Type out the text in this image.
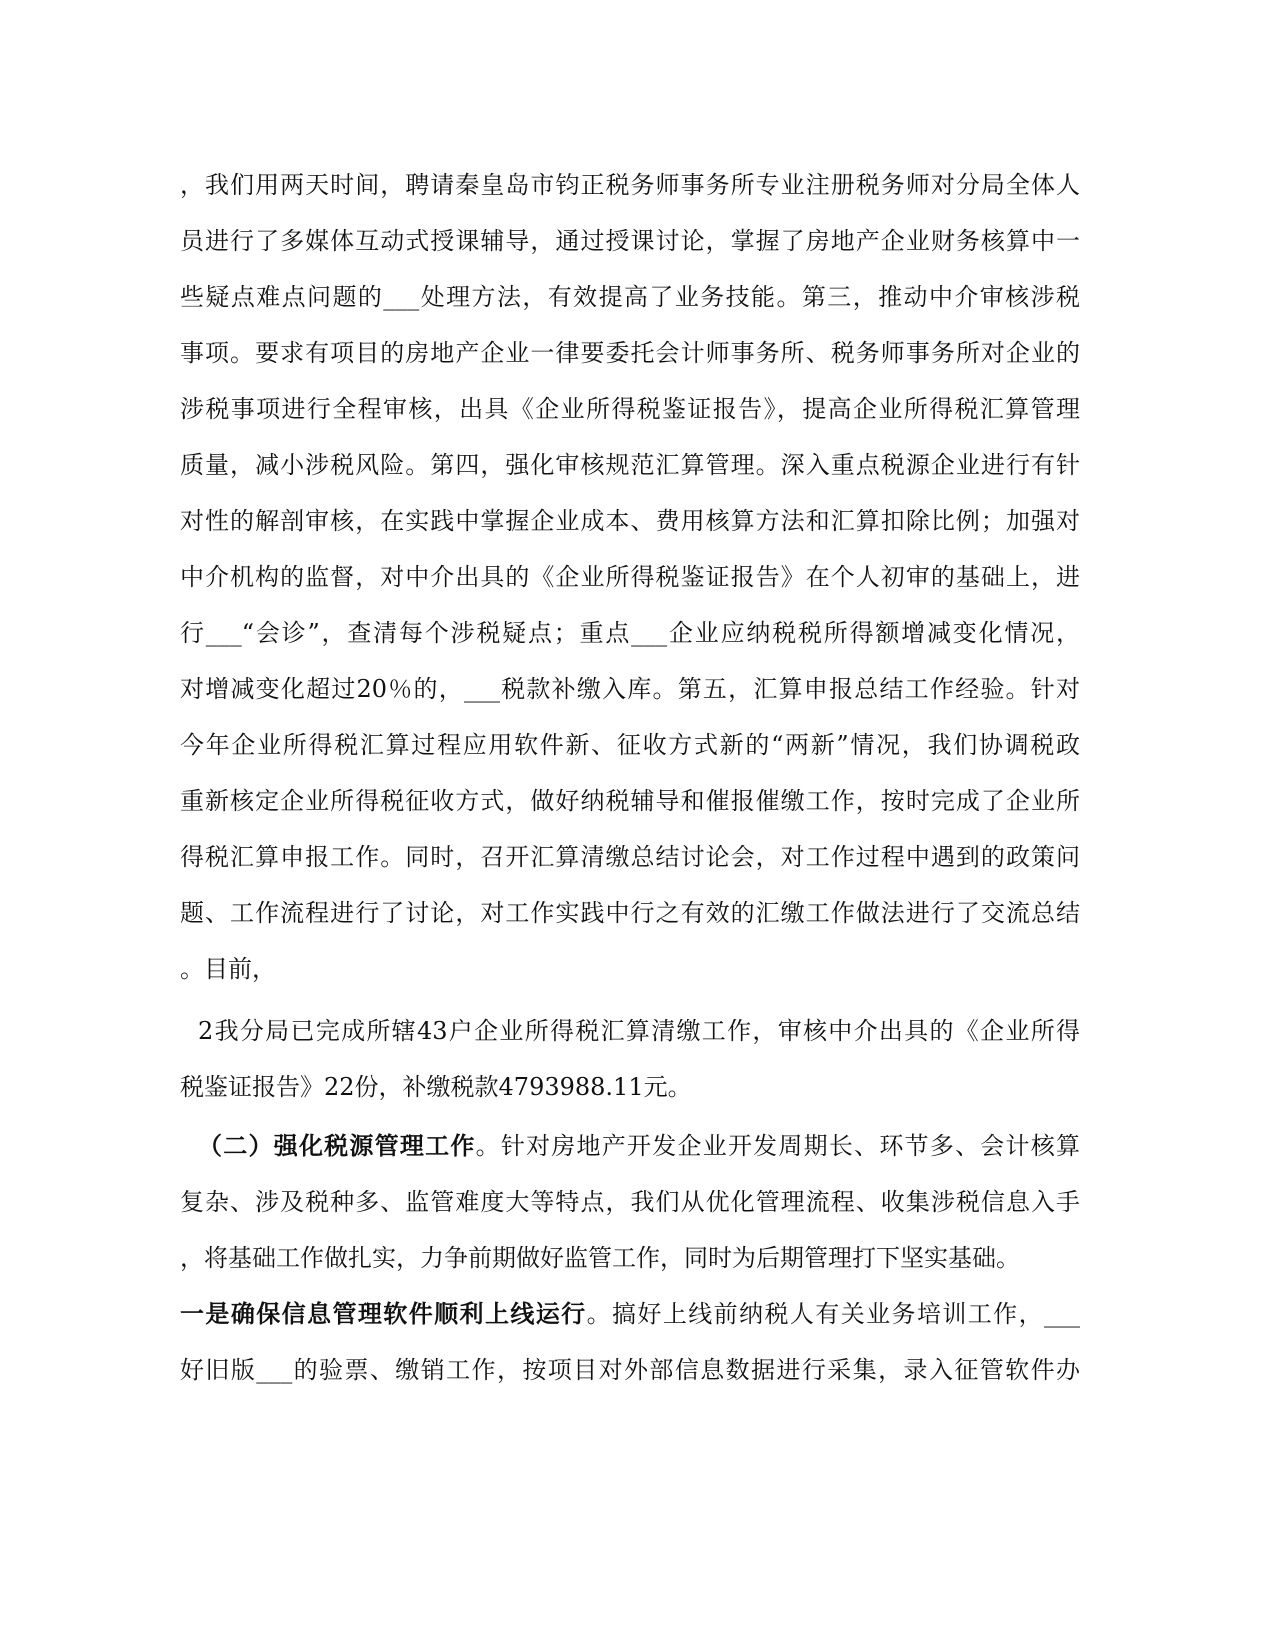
，我们用两天时间，聘请秦皇岛市钧正税务师事务所专业注册税务师对分局全体人
员进行了多媒体互动式授课辅导，通过授课讨论，掌握了房地产企业财务核算中一
些疑点难点问题的___处理方法，有效提高了业务技能。第三，推动中介审核涉税
事项。要求有项目的房地产企业一律要委托会计师事务所、税务师事务所对企业的
涉税事项进行全程审核，出具《企业所得税鉴证报告》，提高企业所得税汇算管理
质量，减小涉税风险。第四，强化审核规范汇算管理。深入重点税源企业进行有针
对性的解剖审核，在实践中掌握企业成本、费用核算方法和汇算扣除比例；加强对
中介机构的监督，对中介出具的《企业所得税鉴证报告》在个人初审的基础上，进
行___“会诊”，查清每个涉税疑点；重点___企业应纳税税所得额增减变化情况，
对增减变化超过20％的，___税款补缴入库。第五，汇算申报总结工作经验。针对
今年企业所得税汇算过程应用软件新、征收方式新的“两新”情况，我们协调税政
重新核定企业所得税征收方式，做好纳税辅导和催报催缴工作，按时完成了企业所
得税汇算申报工作。同时，召开汇算清缴总结讨论会，对工作过程中遇到的政策问
题、工作流程进行了讨论，对工作实践中行之有效的汇缴工作做法进行了交流总结
。目前，
2我分局已完成所辖43户企业所得税汇算清缴工作，审核中介出具的《企业所得
税鉴证报告》22份，补缴税款4793988.11元。
（二）强化税源管理工作。针对房地产开发企业开发周期长、环节多、会计核算
复杂、涉及税种多、监管难度大等特点，我们从优化管理流程、收集涉税信息入手
，将基础工作做扎实，力争前期做好监管工作，同时为后期管理打下坚实基础。
一是确保信息管理软件顺利上线运行。搞好上线前纳税人有关业务培训工作，___
好旧版___的验票、缴销工作，按项目对外部信息数据进行采集，录入征管软件办
